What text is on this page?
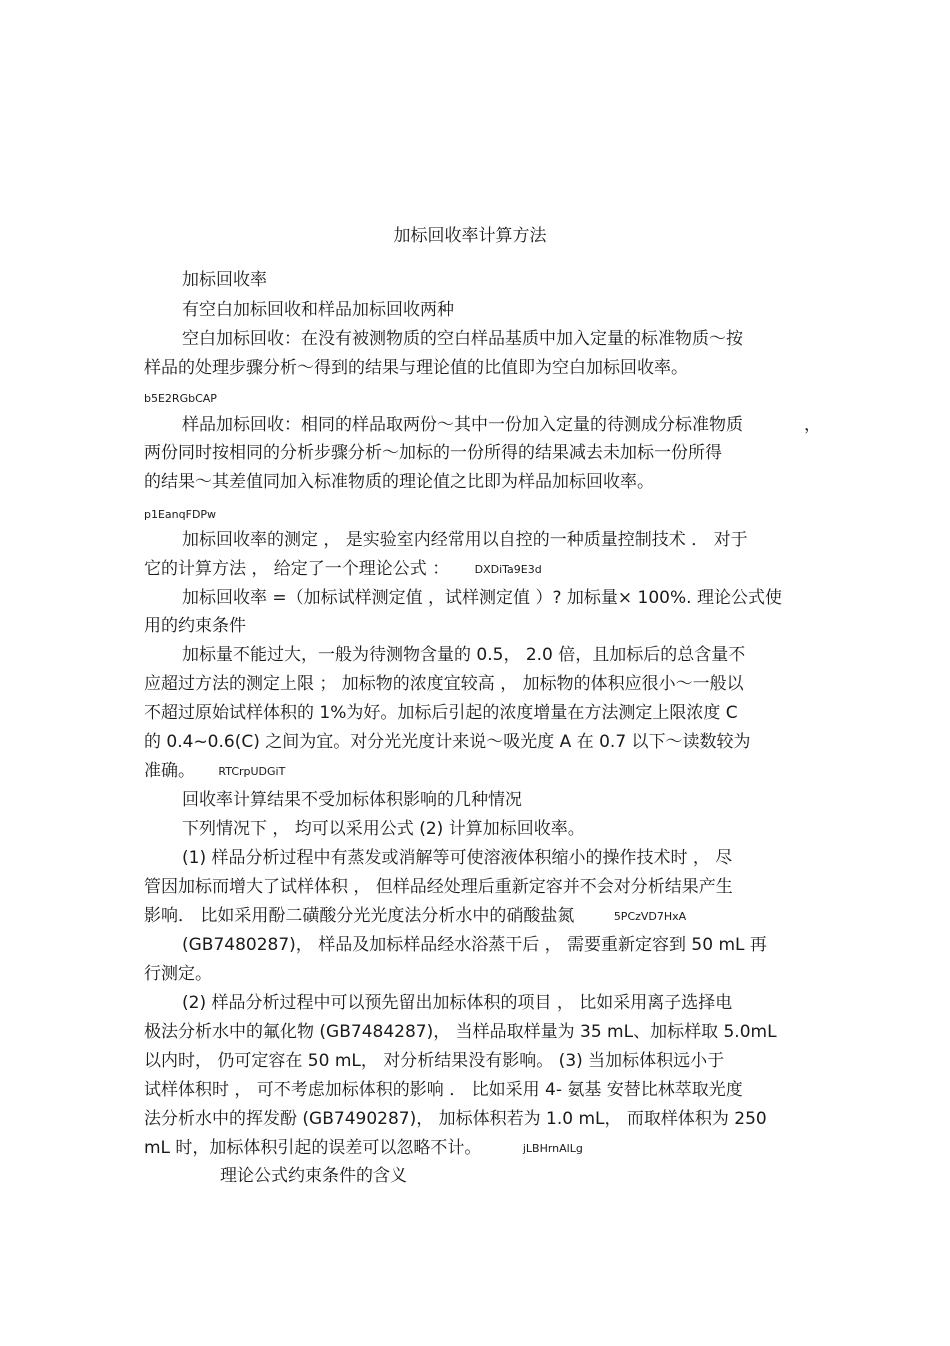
加标回收率计算方法
加标回收率
有空白加标回收和样品加标回收两种
空白加标回收：在没有被测物质的空白样品基质中加入定量的标准物质～按
样品的处理步骤分析～得到的结果与理论值的比值即为空白加标回收率。
b5E2RGbCAP
样品加标回收：相同的样品取两份～其中一份加入定量的待测成分标准物质	，
两份同时按相同的分析步骤分析～加标的一份所得的结果减去未加标一份所得
的结果～其差值同加入标准物质的理论值之比即为样品加标回收率。
p1EanqFDPw
加标回收率的测定 ， 是实验室内经常用以自控的一种质量控制技术 ． 对于
它的计算方法 ， 给定了一个理论公式 ： DXDiTa9E3d
加标回收率 =（加标试样测定值 ，试样测定值 ）? 加标量× 100%. 理论公式使
用的约束条件
加标量不能过大，一般为待测物含量的 0.5， 2.0 倍，且加标后的总含量不
应超过方法的测定上限 ； 加标物的浓度宜较高 ， 加标物的体积应很小～一般以
不超过原始试样体积的 1%为好。加标后引起的浓度增量在方法测定上限浓度 C
的 0.4~0.6(C) 之间为宜。对分光光度计来说～吸光度 A 在 0.7 以下～读数较为
准确。 RTCrpUDGiT
回收率计算结果不受加标体积影响的几种情况
下列情况下 ， 均可以采用公式 (2) 计算加标回收率。
(1) 样品分析过程中有蒸发或消解等可使溶液体积缩小的操作技术时 ， 尽
管因加标而增大了试样体积 ， 但样品经处理后重新定容并不会对分析结果产生
影响． 比如采用酚二磺酸分光光度法分析水中的硝酸盐氮	5PCzVD7HxA
(GB7480287)， 样品及加标样品经水浴蒸干后 ， 需要重新定容到 50 mL 再
行测定。
(2) 样品分析过程中可以预先留出加标体积的项目 ， 比如采用离子选择电
极法分析水中的氟化物 (GB7484287)， 当样品取样量为 35 mL、加标样取 5.0mL
以内时， 仍可定容在 50 mL， 对分析结果没有影响。 (3) 当加标体积远小于
试样体积时 ， 可不考虑加标体积的影响 ． 比如采用 4- 氨基 安替比林萃取光度
法分析水中的挥发酚 (GB7490287)， 加标体积若为 1.0 mL， 而取样体积为 250
mL 时，加标体积引起的误差可以忽略不计。	jLBHrnAlLg
理论公式约束条件的含义
